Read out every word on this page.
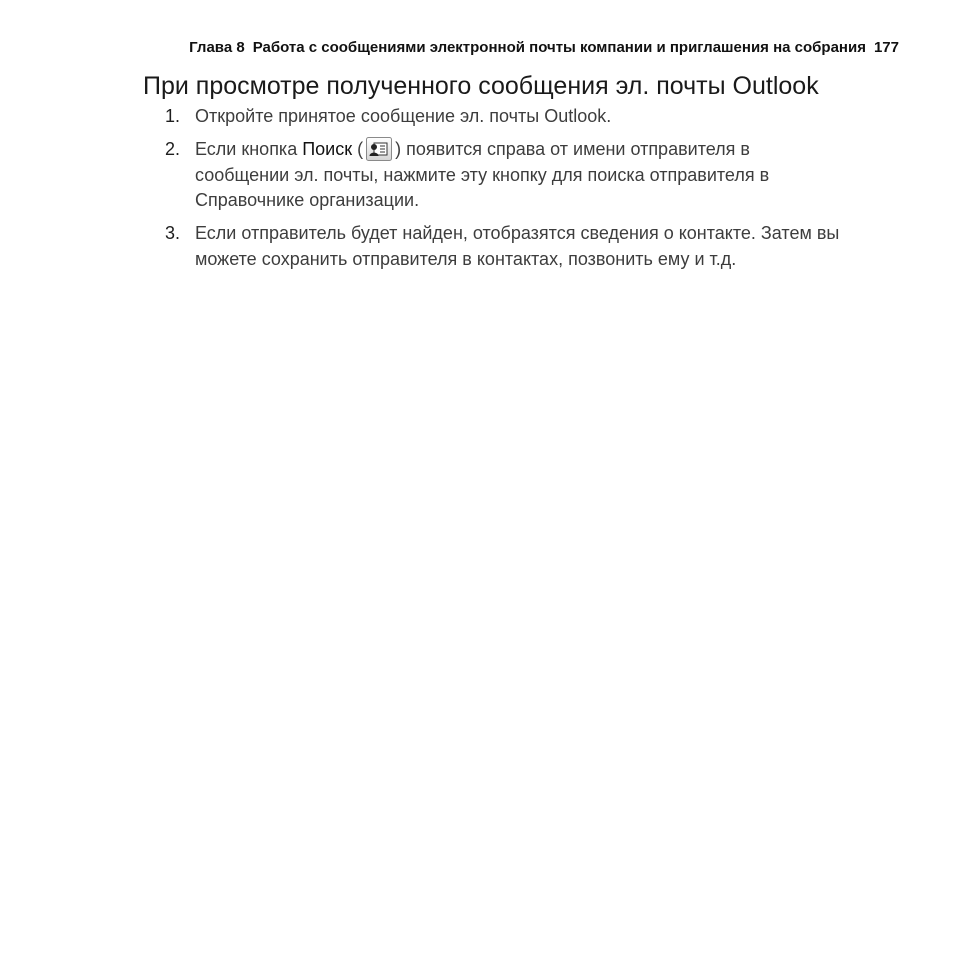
Глава 8 Работа с сообщениями электронной почты компании и приглашения на собрания 177
При просмотре полученного сообщения эл. почты Outlook
1. Откройте принятое сообщение эл. почты Outlook.
2. Если кнопка Поиск ( ) появится справа от имени отправителя в
сообщении эл. почты, нажмите эту кнопку для поиска отправителя в
Справочнике организации.
3. Если отправитель будет найден, отобразятся сведения о контакте. Затем вы
можете сохранить отправителя в контактах, позвонить ему и т.д.
